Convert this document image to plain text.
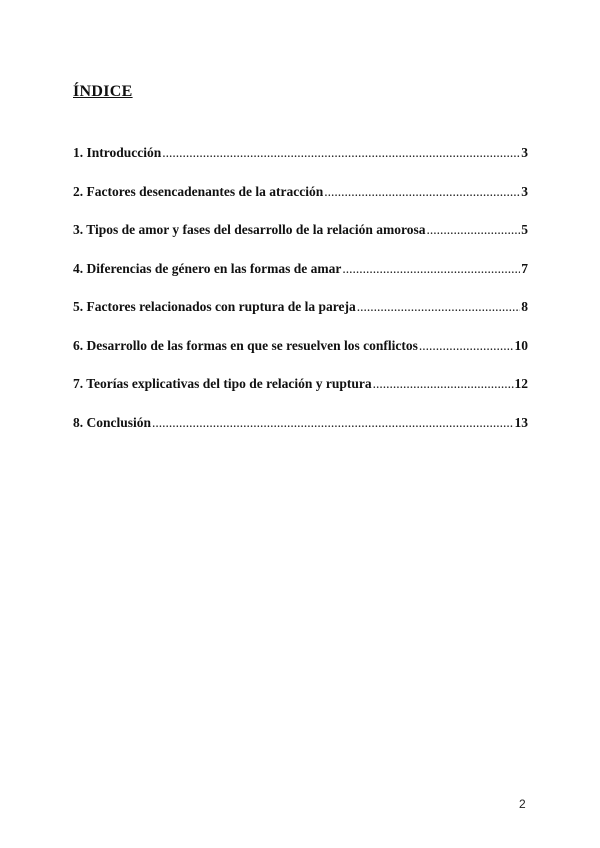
ÍNDICE
1. Introducción .....	3
2. Factores desencadenantes de la atracción .....	3
3. Tipos de amor y fases del desarrollo de la relación amorosa .....	5
4. Diferencias de género en las formas de amar .....	7
5. Factores relacionados con ruptura de la pareja .....	8
6. Desarrollo de las formas en que se resuelven los conflictos .....	10
7. Teorías explicativas del tipo de relación y ruptura .....	12
8. Conclusión .....	13
2
